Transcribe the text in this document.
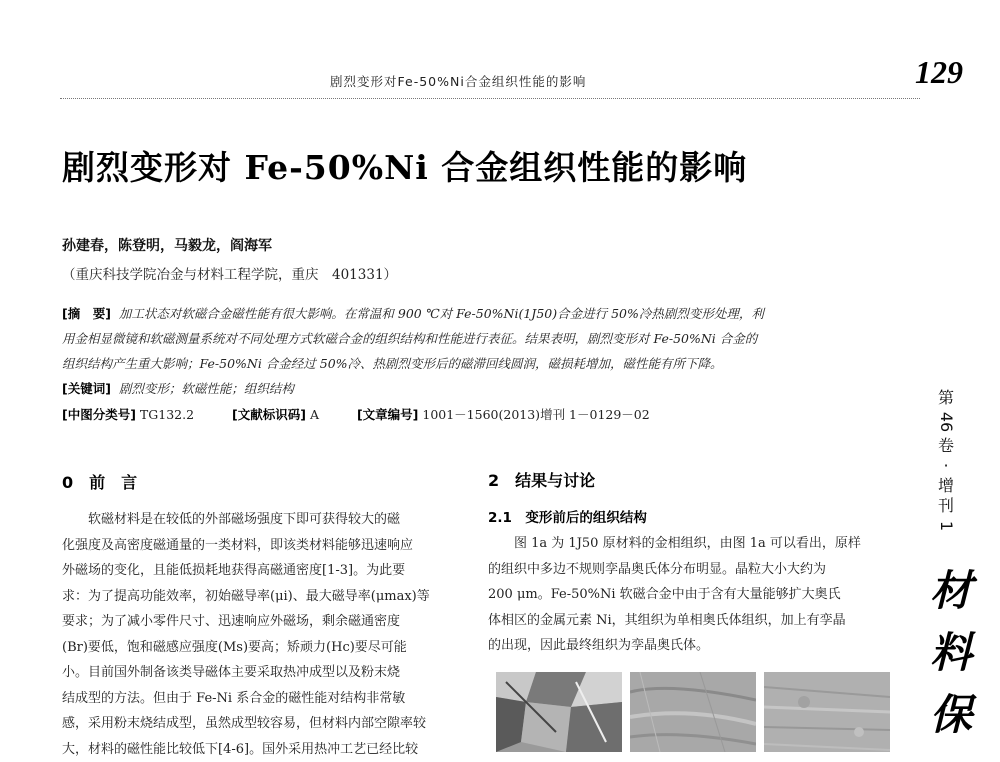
剧烈变形对Fe-50%Ni合金组织性能的影响	129
剧烈变形对 Fe-50%Ni 合金组织性能的影响
孙建春，陈登明，马毅龙，阎海军
（重庆科技学院冶金与材料工程学院，重庆　401331）
[摘　要] 加工状态对软磁合金磁性能有很大影响。在常温和 900 ℃对 Fe-50%Ni(1J50)合金进行 50%冷热剧烈变形处理，利
用金相显微镜和软磁测量系统对不同处理方式软磁合金的组织结构和性能进行表征。结果表明，剧烈变形对 Fe-50%Ni 合金的
组织结构产生重大影响；Fe-50%Ni 合金经过 50%冷、热剧烈变形后的磁滞回线圆润，磁损耗增加，磁性能有所下降。
[关键词] 剧烈变形；软磁性能；组织结构
[中图分类号] TG132.2	[文献标识码] A	[文章编号] 1001－1560(2013)增刊 1－0129－02
0　前　言

软磁材料是在较低的外部磁场强度下即可获得较大的磁

化强度及高密度磁通量的一类材料，即该类材料能够迅速响应

外磁场的变化，且能低损耗地获得高磁通密度[1-3]。为此要

求：为了提高功能效率，初始磁导率(μi)、最大磁导率(μmax)等

要求；为了减小零件尺寸、迅速响应外磁场，剩余磁通密度

(Br)要低，饱和磁感应强度(Ms)要高；矫顽力(Hc)要尽可能

小。目前国外制备该类导磁体主要采取热冲成型以及粉末烧

结成型的方法。但由于 Fe-Ni 系合金的磁性能对结构非常敏

感，采用粉末烧结成型，虽然成型较容易，但材料内部空隙率较

大，材料的磁性能比较低下[4-6]。国外采用热冲工艺已经比较

2　结果与讨论
2.1　变形前后的组织结构

图 1a 为 1J50 原材料的金相组织，由图 1a 可以看出，原样

的组织中多边不规则孪晶奥氏体分布明显。晶粒大小大约为

200 μm。Fe-50%Ni 软磁合金中由于含有大量能够扩大奥氏

体相区的金属元素 Ni，其组织为单相奥氏体组织，加上有孪晶

的出现，因此最终组织为孪晶奥氏体。

第
46
卷
·
增
刊
1
材
料
保
